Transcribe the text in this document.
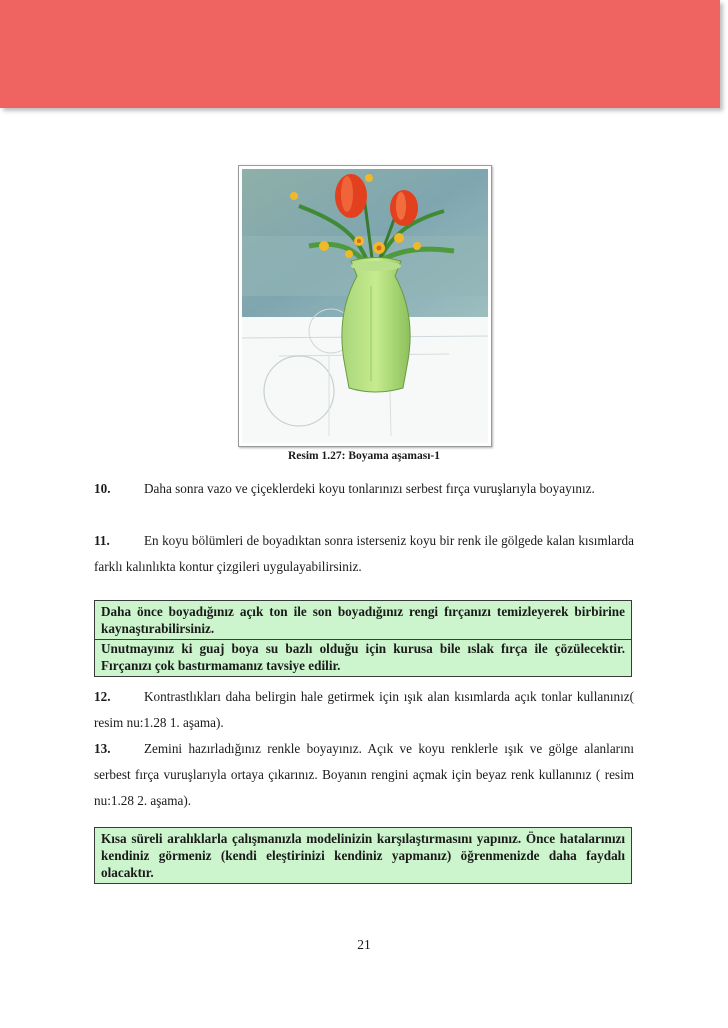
Resim 1.27: Boyama aşaması-1
10.	Daha sonra vazo ve çiçeklerdeki koyu tonlarınızı serbest fırça vuruşlarıyla boyayınız.
11.	En koyu bölümleri de boyadıktan sonra isterseniz koyu bir renk ile gölgede kalan kısımlarda farklı kalınlıkta kontur çizgileri uygulayabilirsiniz.
Daha önce boyadığınız açık ton ile son boyadığınız rengi fırçanızı temizleyerek birbirine kaynaştırabilirsiniz.
Unutmayınız ki guaj boya su bazlı olduğu için kurusa bile ıslak fırça ile çözülecektir. Fırçanızı çok bastırmamanız tavsiye edilir.
12.	Kontrastlıkları daha belirgin hale getirmek için ışık alan kısımlarda açık tonlar kullanınız( resim nu:1.28 1. aşama).
13.	Zemini hazırladığınız renkle boyayınız. Açık ve koyu renklerle ışık ve gölge alanlarını serbest fırça vuruşlarıyla ortaya çıkarınız. Boyanın rengini açmak için beyaz renk kullanınız ( resim nu:1.28 2. aşama).
Kısa süreli aralıklarla çalışmanızla modelinizin karşılaştırmasını yapınız. Önce hatalarınızı kendiniz görmeniz (kendi eleştirinizi kendiniz yapmanız) öğrenmenizde daha faydalı olacaktır.
21
